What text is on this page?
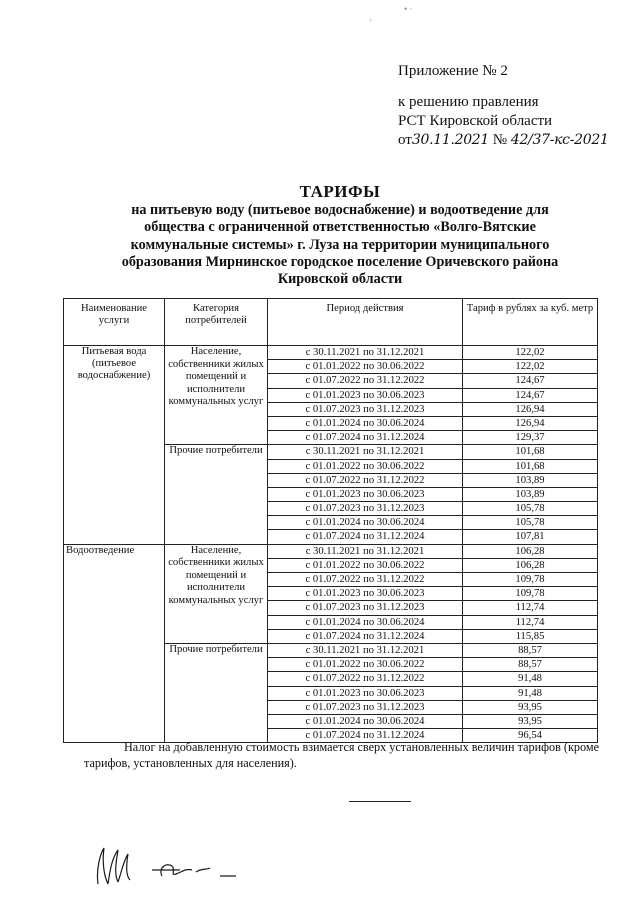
• ·
'
Приложение № 2
к решению правления
РСТ Кировской области
от30.11.2021 № 42/37-кс-2021
ТАРИФЫ
на питьевую воду (питьевое водоснабжение) и водоотведение для
общества с ограниченной ответственностью «Волго-Вятские
коммунальные системы» г. Луза на территории муниципального
образования Мирнинское городское поселение Оричевского района
Кировской области
Наименование услуги	Категория потребителей	Период действия	Тариф в рублях за куб. метр
Питьевая вода (питьевое водоснабжение)	Население, собственники жилых помещений и исполнители коммунальных услуг	с 30.11.2021 по 31.12.2021	122,02
		с 01.01.2022 по 30.06.2022	122,02
		с 01.07.2022 по 31.12.2022	124,67
		с 01.01.2023 по 30.06.2023	124,67
		с 01.07.2023 по 31.12.2023	126,94
		с 01.01.2024 по 30.06.2024	126,94
		с 01.07.2024 по 31.12.2024	129,37
	Прочие потребители	с 30.11.2021 по 31.12.2021	101,68
		с 01.01.2022 по 30.06.2022	101,68
		с 01.07.2022 по 31.12.2022	103,89
		с 01.01.2023 по 30.06.2023	103,89
		с 01.07.2023 по 31.12.2023	105,78
		с 01.01.2024 по 30.06.2024	105,78
		с 01.07.2024 по 31.12.2024	107,81
Водоотведение	Население, собственники жилых помещений и исполнители коммунальных услуг	с 30.11.2021 по 31.12.2021	106,28
		с 01.01.2022 по 30.06.2022	106,28
		с 01.07.2022 по 31.12.2022	109,78
		с 01.01.2023 по 30.06.2023	109,78
		с 01.07.2023 по 31.12.2023	112,74
		с 01.01.2024 по 30.06.2024	112,74
		с 01.07.2024 по 31.12.2024	115,85
	Прочие потребители	с 30.11.2021 по 31.12.2021	88,57
		с 01.01.2022 по 30.06.2022	88,57
		с 01.07.2022 по 31.12.2022	91,48
		с 01.01.2023 по 30.06.2023	91,48
		с 01.07.2023 по 31.12.2023	93,95
		с 01.01.2024 по 30.06.2024	93,95
		с 01.07.2024 по 31.12.2024	96,54
Налог на добавленную стоимость взимается сверх установленных величин тарифов (кроме тарифов, установленных для населения).
